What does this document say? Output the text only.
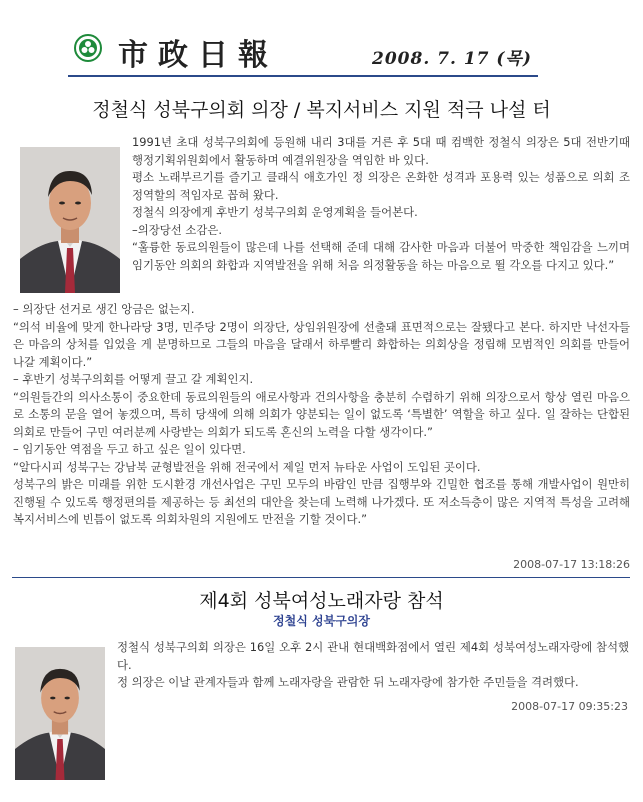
市政日報	2008. 7. 17 (목)
정철식 성북구의회 의장 / 복지서비스 지원 적극 나설 터

1991년 초대 성북구의회에 등원해 내리 3대를 거른 후 5대 때 컴백한 정철식 의장은 5대 전반기때 행정기획위원회에서 활동하며 예결위원장을 역임한 바 있다.

평소 노래부르기를 즐기고 클래식 애호가인 정 의장은 온화한 성격과 포용력 있는 성품으로 의회 조정역할의 적임자로 꼽혀 왔다.

정철식 의장에게 후반기 성북구의회 운영계획을 들어본다.

–의장당선 소감은.

“훌륭한 동료의원들이 많은데 나를 선택해 준데 대해 감사한 마음과 더불어 막중한 책임감을 느끼며 임기동안 의회의 화합과 지역발전을 위해 처음 의정활동을 하는 마음으로 뛸 각오를 다지고 있다.”

– 의장단 선거로 생긴 앙금은 없는지.

“의석 비율에 맞게 한나라당 3명, 민주당 2명이 의장단, 상임위원장에 선출돼 표면적으로는 잘됐다고 본다. 하지만 낙선자들은 마음의 상처를 입었을 게 분명하므로 그들의 마음을 달래서 하루빨리 화합하는 의회상을 정립해 모범적인 의회를 만들어 나갈 계획이다.”

– 후반기 성북구의회를 어떻게 끌고 갈 계획인지.

“의원들간의 의사소통이 중요한데 동료의원들의 애로사항과 건의사항을 충분히 수렴하기 위해 의장으로서 항상 열린 마음으로 소통의 문을 열어 놓겠으며, 특히 당색에 의해 의회가 양분되는 일이 없도록 ‘특별한’ 역할을 하고 싶다. 일 잘하는 단합된 의회로 만들어 구민 여러분께 사랑받는 의회가 되도록 혼신의 노력을 다할 생각이다.”

– 임기동안 역점을 두고 하고 싶은 일이 있다면.

“알다시피 성북구는 강남북 균형발전을 위해 전국에서 제일 먼저 뉴타운 사업이 도입된 곳이다.

성북구의 밝은 미래를 위한 도시환경 개선사업은 구민 모두의 바람인 만큼 집행부와 긴밀한 협조를 통해 개발사업이 원만히 진행될 수 있도록 행정편의를 제공하는 등 최선의 대안을 찾는데 노력해 나가겠다. 또 저소득층이 많은 지역적 특성을 고려해 복지서비스에 빈틈이 없도록 의회차원의 지원에도 만전을 기할 것이다.”

2008-07-17 13:18:26
제4회 성북여성노래자랑 참석
정철식 성북구의장

정철식 성북구의회 의장은 16일 오후 2시 관내 현대백화점에서 열린 제4회 성북여성노래자랑에 참석했다.

정 의장은 이날 관계자들과 함께 노래자랑을 관람한 뒤 노래자랑에 참가한 주민들을 격려했다.

2008-07-17 09:35:23
